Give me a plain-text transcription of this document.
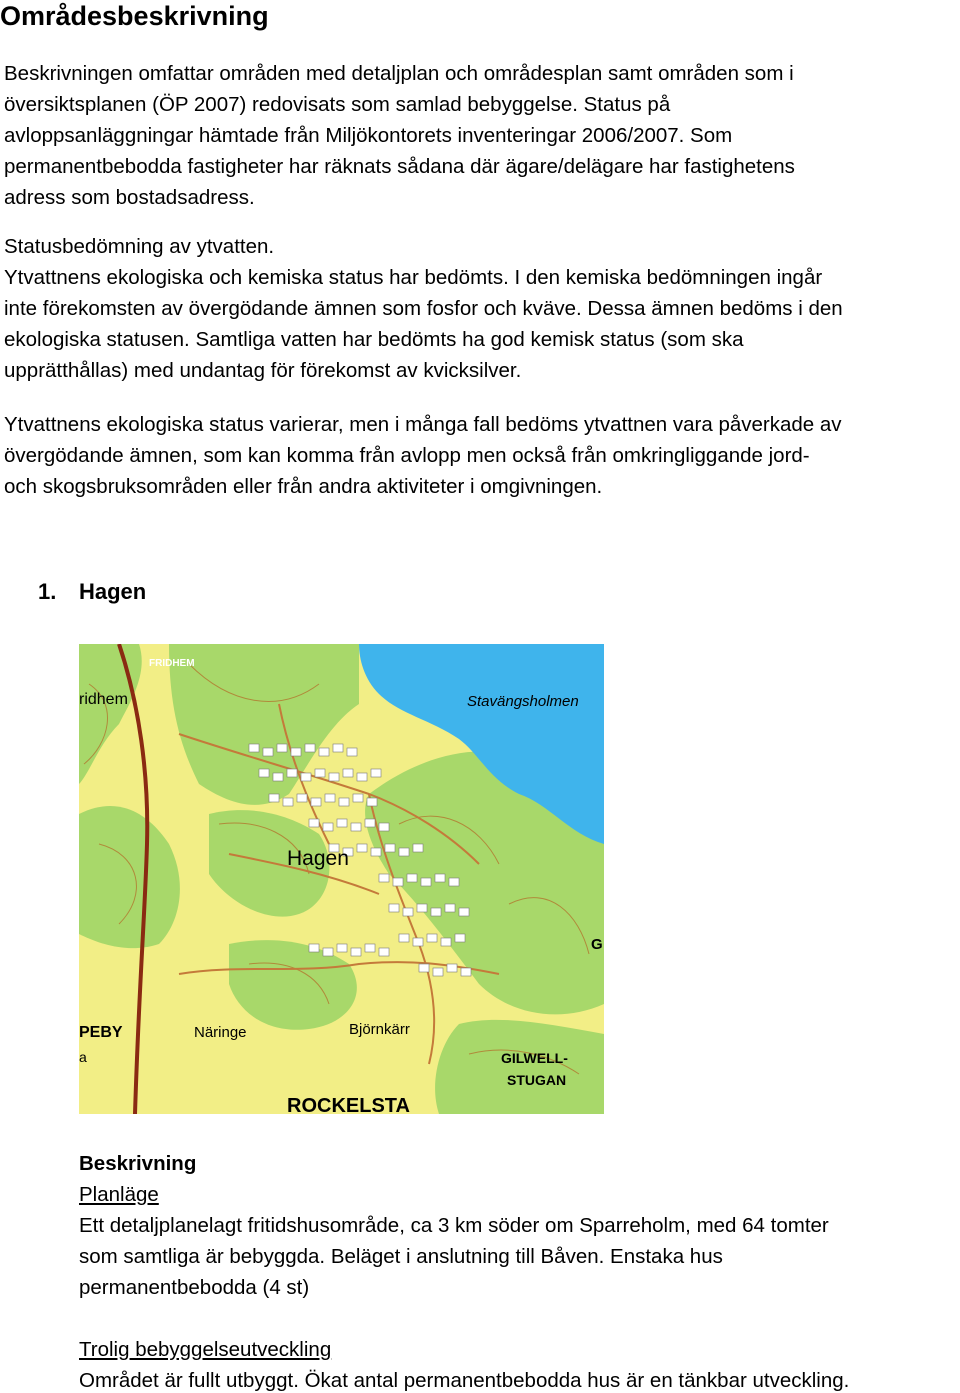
Områdesbeskrivning

Beskrivningen omfattar områden med detaljplan och områdesplan samt områden som i
översiktsplanen (ÖP 2007) redovisats som samlad bebyggelse. Status på
avloppsanläggningar hämtade från Miljökontorets inventeringar 2006/2007. Som
permanentbebodda fastigheter har räknats sådana där ägare/delägare har fastighetens
adress som bostadsadress.

Statusbedömning av ytvatten.
Ytvattnens ekologiska och kemiska status har bedömts. I den kemiska bedömningen ingår
inte förekomsten av övergödande ämnen som fosfor och kväve. Dessa ämnen bedöms i den
ekologiska statusen. Samtliga vatten har bedömts ha god kemisk status (som ska
upprätthållas) med undantag för förekomst av kvicksilver.

Ytvattnens ekologiska status varierar, men i många fall bedöms ytvattnen vara påverkade av
övergödande ämnen, som kan komma från avlopp men också från omkringliggande jord-
och skogsbruksområden eller från andra aktiviteter i omgivningen.

1. Hagen
FRIDHEM
ridhem	Stavängsholmen
Hagen
G
PEBY
a
Näringe	Björnkärr
GILWELL-
STUGAN
ROCKELSTA

Beskrivning
Planläge
Ett detaljplanelagt fritidshusområde, ca 3 km söder om Sparreholm, med 64 tomter
som samtliga är bebyggda. Beläget i anslutning till Båven. Enstaka hus
permanentbebodda (4 st)

Trolig bebyggelseutveckling
Området är fullt utbyggt. Ökat antal permanentbebodda hus är en tänkbar utveckling.
